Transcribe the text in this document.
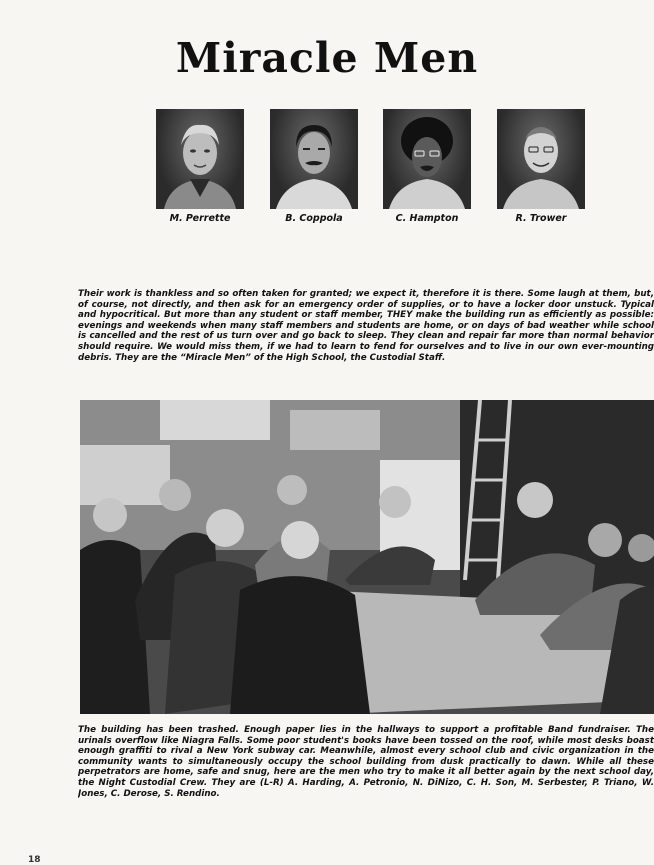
Miracle Men
M. Perrette	B. Coppola	C. Hampton	R. Trower
Their work is thankless and so often taken for granted; we expect it, therefore it is there. Some laugh at them, but, of course, not directly, and then ask for an emergency order of supplies, or to have a locker door unstuck. Typical and hypocritical. But more than any student or staff member, THEY make the building run as efficiently as possible: evenings and weekends when many staff members and students are home, or on days of bad weather while school is cancelled and the rest of us turn over and go back to sleep. They clean and repair far more than normal behavior should require. We would miss them, if we had to learn to fend for ourselves and to live in our own ever-mounting debris. They are the “Miracle Men” of the High School, the Custodial Staff.
The building has been trashed. Enough paper lies in the hallways to support a profitable Band fundraiser. The urinals overflow like Niagra Falls. Some poor student's books have been tossed on the roof, while most desks boast enough graffiti to rival a New York subway car. Meanwhile, almost every school club and civic organization in the community wants to simultaneously occupy the school building from dusk practically to dawn. While all these perpetrators are home, safe and snug, here are the men who try to make it all better again by the next school day, the Night Custodial Crew. They are (L-R) A. Harding, A. Petronio, N. DiNizo, C. H. Son, M. Serbester, P. Triano, W. Jones, C. Derose, S. Rendino.
18
